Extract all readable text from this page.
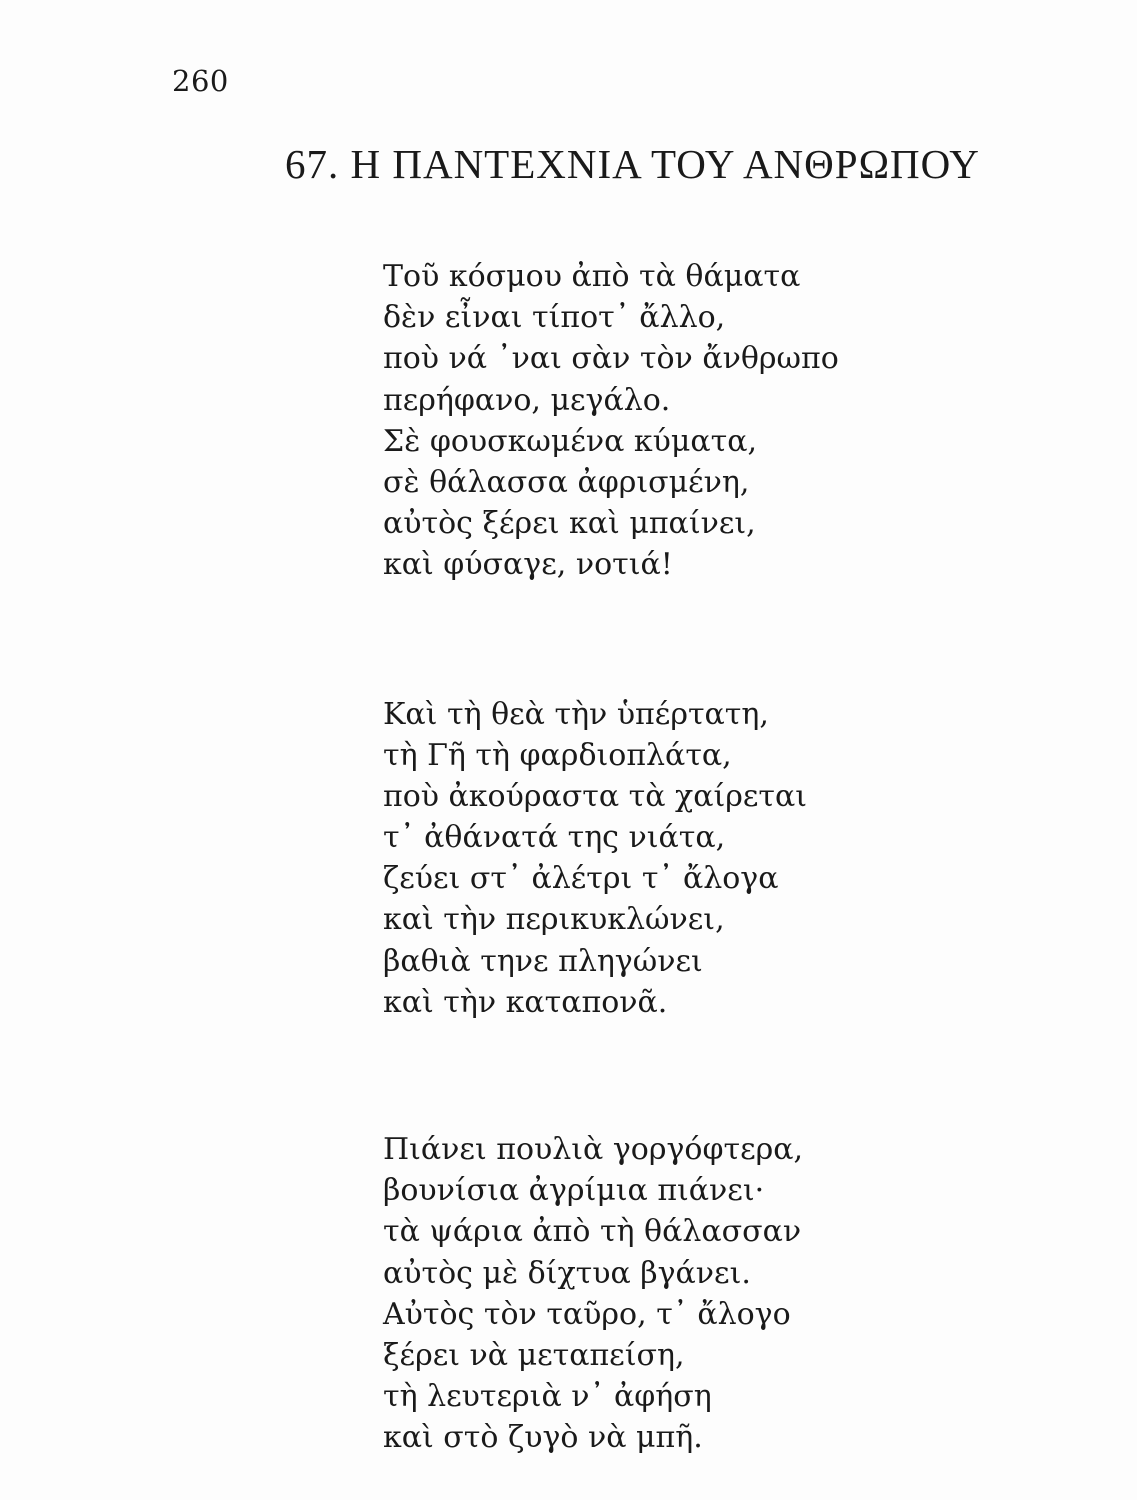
260
67. Η ΠΑΝΤΕΧΝΙΑ ΤΟΥ ΑΝΘΡΩΠΟΥ
Τοῦ κόσμου ἀπὸ τὰ θάματα
δὲν εἶναι τίποτ᾽ ἄλλο,
ποὺ νά ᾽ναι σὰν τὸν ἄνθρωπο
περήφανο, μεγάλο.
Σὲ φουσκωμένα κύματα,
σὲ θάλασσα ἀφρισμένη,
αὐτὸς ξέρει καὶ μπαίνει,
καὶ φύσαγε, νοτιά!
Καὶ τὴ θεὰ τὴν ὑπέρτατη,
τὴ Γῆ τὴ φαρδιοπλάτα,
ποὺ ἀκούραστα τὰ χαίρεται
τ᾽ ἀθάνατά της νιάτα,
ζεύει στ᾽ ἀλέτρι τ᾽ ἄλογα
καὶ τὴν περικυκλώνει,
βαθιὰ τηνε πληγώνει
καὶ τὴν καταπονᾶ.
Πιάνει πουλιὰ γοργόφτερα,
βουνίσια ἀγρίμια πιάνει·
τὰ ψάρια ἀπὸ τὴ θάλασσαν
αὐτὸς μὲ δίχτυα βγάνει.
Αὐτὸς τὸν ταῦρο, τ᾽ ἄλογο
ξέρει νὰ μεταπείση,
τὴ λευτεριὰ ν᾽ ἀφήση
καὶ στὸ ζυγὸ νὰ μπῆ.
